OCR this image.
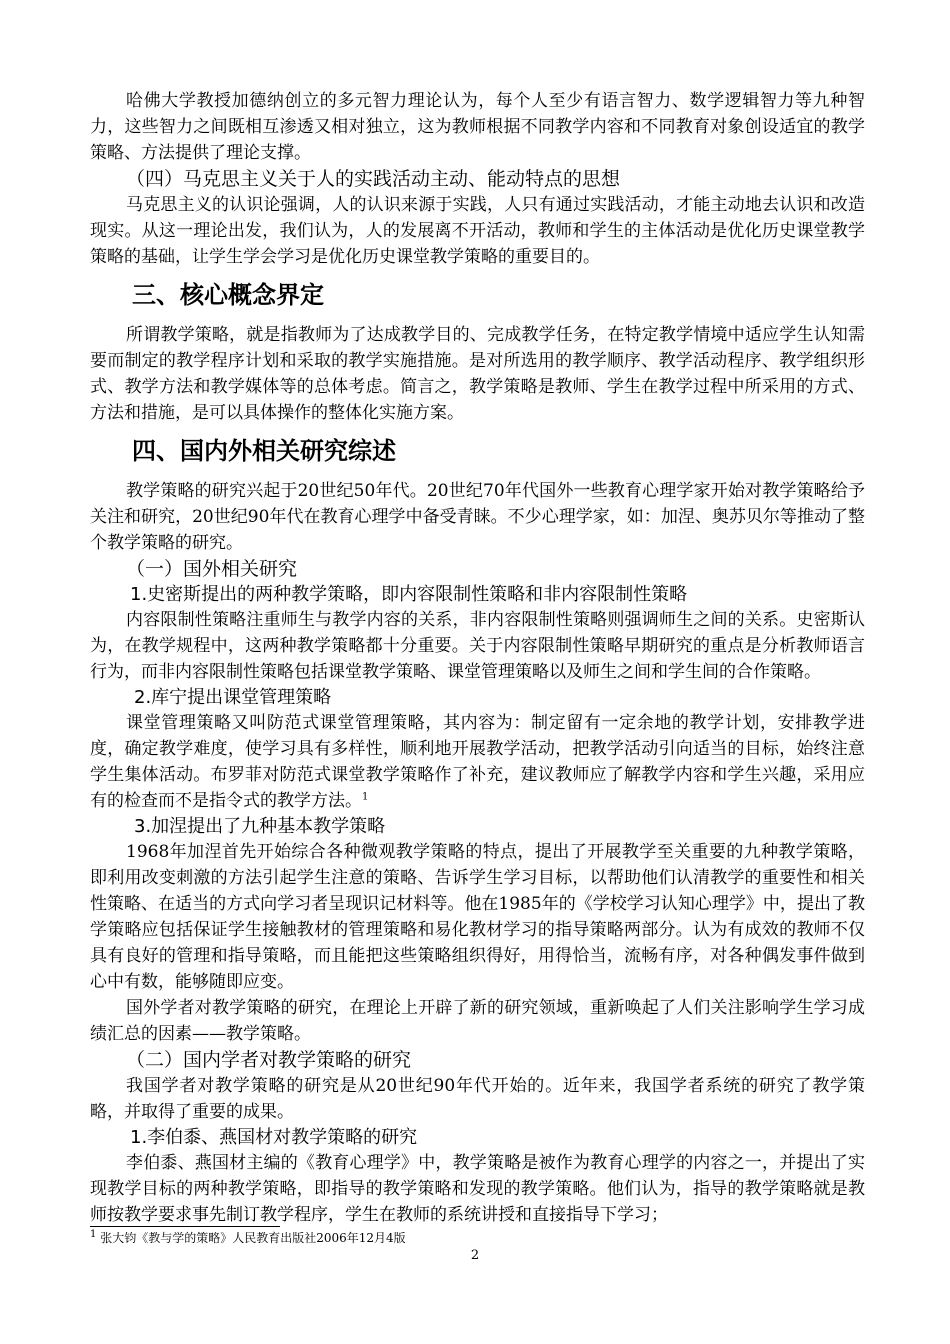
哈佛大学教授加德纳创立的多元智力理论认为，每个人至少有语言智力、数学逻辑智力等九种智力，这些智力之间既相互渗透又相对独立，这为教师根据不同教学内容和不同教育对象创设适宜的教学策略、方法提供了理论支撑。

（四）马克思主义关于人的实践活动主动、能动特点的思想

马克思主义的认识论强调，人的认识来源于实践，人只有通过实践活动，才能主动地去认识和改造现实。从这一理论出发，我们认为，人的发展离不开活动，教师和学生的主体活动是优化历史课堂教学策略的基础，让学生学会学习是优化历史课堂教学策略的重要目的。

三、核心概念界定

所谓教学策略，就是指教师为了达成教学目的、完成教学任务，在特定教学情境中适应学生认知需要而制定的教学程序计划和采取的教学实施措施。是对所选用的教学顺序、教学活动程序、教学组织形式、教学方法和教学媒体等的总体考虑。简言之，教学策略是教师、学生在教学过程中所采用的方式、方法和措施，是可以具体操作的整体化实施方案。

四、国内外相关研究综述

教学策略的研究兴起于20世纪50年代。20世纪70年代国外一些教育心理学家开始对教学策略给予关注和研究，20世纪90年代在教育心理学中备受青睐。不少心理学家，如：加涅、奥苏贝尔等推动了整个教学策略的研究。

（一）国外相关研究
1.史密斯提出的两种教学策略，即内容限制性策略和非内容限制性策略

内容限制性策略注重师生与教学内容的关系，非内容限制性策略则强调师生之间的关系。史密斯认为，在教学规程中，这两种教学策略都十分重要。关于内容限制性策略早期研究的重点是分析教师语言行为，而非内容限制性策略包括课堂教学策略、课堂管理策略以及师生之间和学生间的合作策略。

2.库宁提出课堂管理策略

课堂管理策略又叫防范式课堂管理策略，其内容为：制定留有一定余地的教学计划，安排教学进度，确定教学难度，使学习具有多样性，顺利地开展教学活动，把教学活动引向适当的目标，始终注意学生集体活动。布罗菲对防范式课堂教学策略作了补充，建议教师应了解教学内容和学生兴趣，采用应有的检查而不是指令式的教学方法。$^1$

3.加涅提出了九种基本教学策略

1968年加涅首先开始综合各种微观教学策略的特点，提出了开展教学至关重要的九种教学策略，即利用改变刺激的方法引起学生注意的策略、告诉学生学习目标，以帮助他们认清教学的重要性和相关性策略、在适当的方式向学习者呈现识记材料等。他在1985年的《学校学习认知心理学》中，提出了教学策略应包括保证学生接触教材的管理策略和易化教材学习的指导策略两部分。认为有成效的教师不仅具有良好的管理和指导策略，而且能把这些策略组织得好，用得恰当，流畅有序，对各种偶发事件做到心中有数，能够随即应变。

国外学者对教学策略的研究，在理论上开辟了新的研究领域，重新唤起了人们关注影响学生学习成绩汇总的因素——教学策略。

（二）国内学者对教学策略的研究

我国学者对教学策略的研究是从20世纪90年代开始的。近年来，我国学者系统的研究了教学策略，并取得了重要的成果。

1.李伯黍、燕国材对教学策略的研究

李伯黍、燕国材主编的《教育心理学》中，教学策略是被作为教育心理学的内容之一，并提出了实现教学目标的两种教学策略，即指导的教学策略和发现的教学策略。他们认为，指导的教学策略就是教师按教学要求事先制订教学程序，学生在教师的系统讲授和直接指导下学习；

$^1$ 张大钧《教与学的策略》人民教育出版社2006年12月4版
2
